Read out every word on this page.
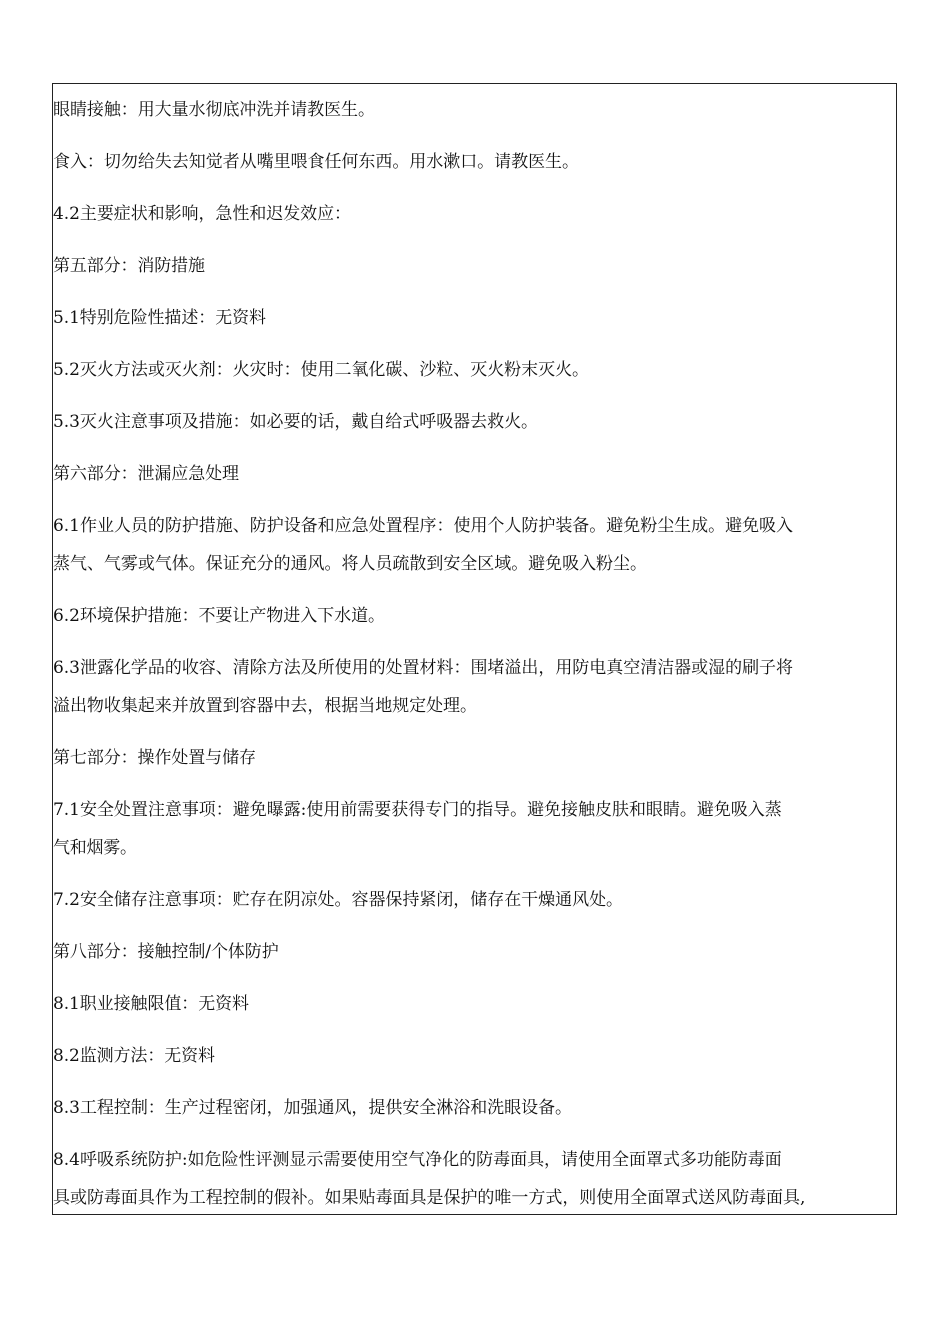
眼睛接触：用大量水彻底冲洗并请教医生。
食入：切勿给失去知觉者从嘴里喂食任何东西。用水漱口。请教医生。
4.2主要症状和影响，急性和迟发效应：
第五部分：消防措施
5.1特别危险性描述：无资料
5.2灭火方法或灭火剂：火灾时：使用二氧化碳、沙粒、灭火粉末灭火。
5.3灭火注意事项及措施：如必要的话，戴自给式呼吸器去救火。
第六部分：泄漏应急处理
6.1作业人员的防护措施、防护设备和应急处置程序：使用个人防护装备。避免粉尘生成。避免吸入
蒸气、气雾或气体。保证充分的通风。将人员疏散到安全区域。避免吸入粉尘。
6.2环境保护措施：不要让产物进入下水道。
6.3泄露化学品的收容、清除方法及所使用的处置材料：围堵溢出，用防电真空清洁器或湿的刷子将
溢出物收集起来并放置到容器中去，根据当地规定处理。
第七部分：操作处置与储存
7.1安全处置注意事项：避免曝露:使用前需要获得专门的指导。避免接触皮肤和眼睛。避免吸入蒸
气和烟雾。
7.2安全储存注意事项：贮存在阴凉处。容器保持紧闭，储存在干燥通风处。
第八部分：接触控制/个体防护
8.1职业接触限值：无资料
8.2监测方法：无资料
8.3工程控制：生产过程密闭，加强通风，提供安全淋浴和洗眼设备。
8.4呼吸系统防护:如危险性评测显示需要使用空气净化的防毒面具，请使用全面罩式多功能防毒面
具或防毒面具作为工程控制的假补。如果贴毒面具是保护的唯一方式，则使用全面罩式送风防毒面具,
